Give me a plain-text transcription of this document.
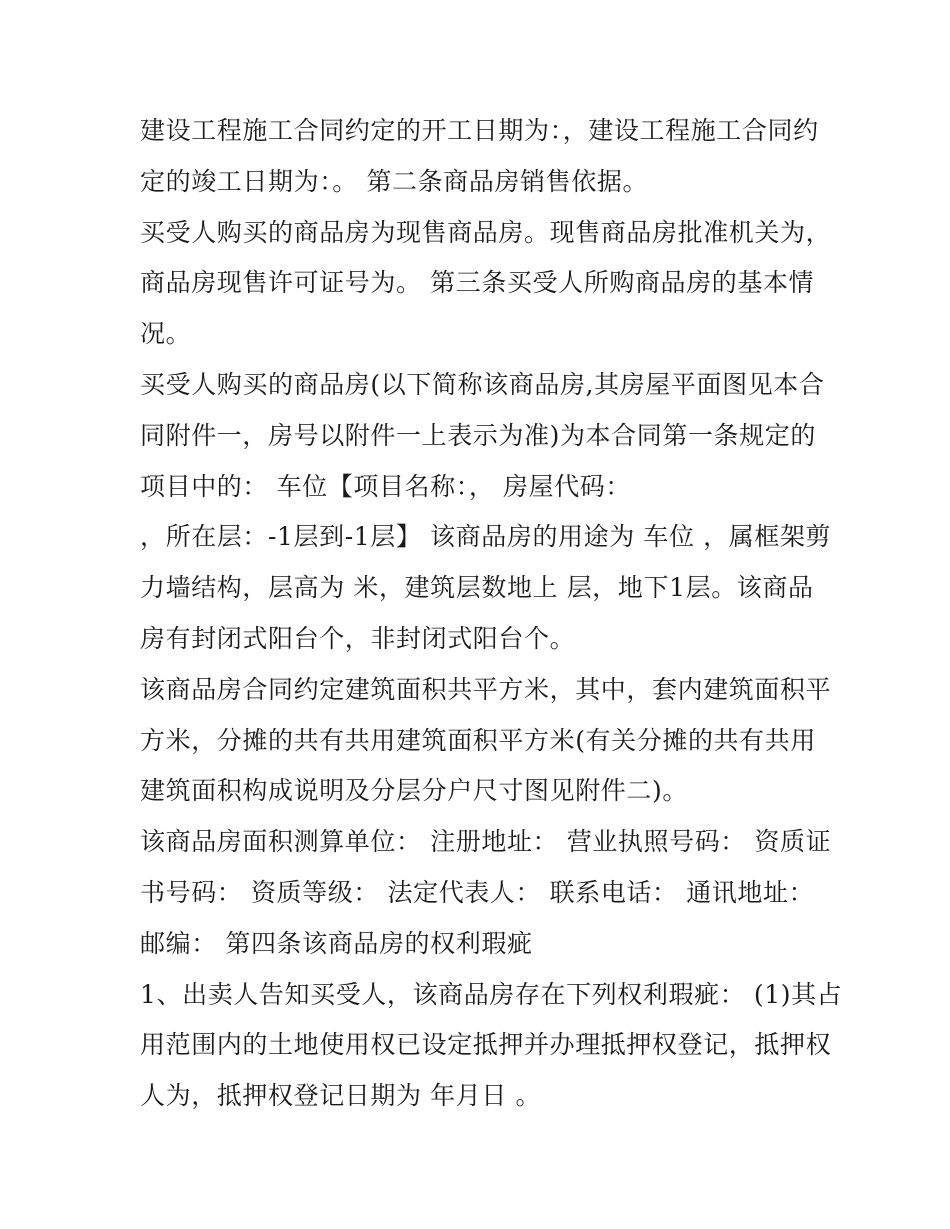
建设工程施工合同约定的开工日期为：，建设工程施工合同约
定的竣工日期为：。 第二条商品房销售依据。
买受人购买的商品房为现售商品房。现售商品房批准机关为，
商品房现售许可证号为。 第三条买受人所购商品房的基本情
况。
买受人购买的商品房(以下简称该商品房,其房屋平面图见本合
同附件一，房号以附件一上表示为准)为本合同第一条规定的
项目中的： 车位【项目名称：， 房屋代码：
，所在层：-1层到-1层】 该商品房的用途为 车位 ，属框架剪
力墙结构，层高为 米，建筑层数地上 层，地下1层。该商品
房有封闭式阳台个，非封闭式阳台个。
该商品房合同约定建筑面积共平方米，其中，套内建筑面积平
方米，分摊的共有共用建筑面积平方米(有关分摊的共有共用
建筑面积构成说明及分层分户尺寸图见附件二)。
该商品房面积测算单位： 注册地址： 营业执照号码： 资质证
书号码： 资质等级： 法定代表人： 联系电话： 通讯地址：
邮编： 第四条该商品房的权利瑕疵
1、出卖人告知买受人，该商品房存在下列权利瑕疵： (1)其占
用范围内的土地使用权已设定抵押并办理抵押权登记，抵押权
人为，抵押权登记日期为 年月日 。
